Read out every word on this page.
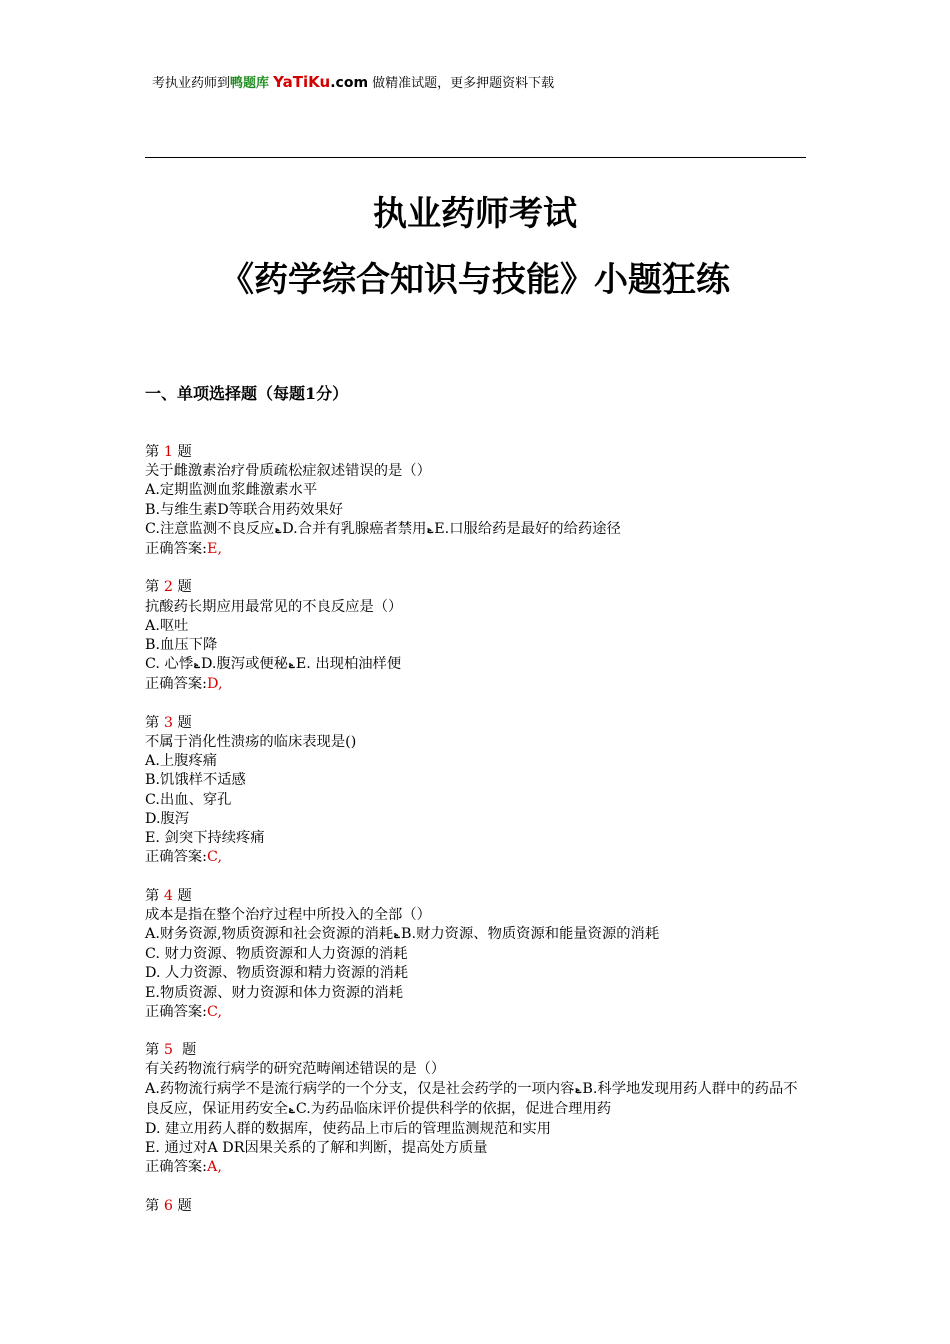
考执业药师到鸭题库 YaTiKu.com 做精准试题，更多押题资料下载
执业药师考试
《药学综合知识与技能》小题狂练
一、单项选择题（每题1分）
第 1 题
关于雌激素治疗骨质疏松症叙述错误的是（）
A.定期监测血浆雌激素水平
B.与维生素D等联合用药效果好
C.注意监测不良反应ݺD.合并有乳腺癌者禁用ݺE.口服给药是最好的给药途径
正确答案:E,
第 2 题
抗酸药长期应用最常见的不良反应是（）
A.呕吐
B.血压下降
C. 心悸ݺD.腹泻或便秘ݺE. 出现柏油样便
正确答案:D,
第 3 题
不属于消化性溃疡的临床表现是()
A.上腹疼痛
B.饥饿样不适感
C.出血、穿孔
D.腹泻
E. 剑突下持续疼痛
正确答案:C,
第 4 题
成本是指在整个治疗过程中所投入的全部（）
A.财务资源,物质资源和社会资源的消耗ݺB.财力资源、物质资源和能量资源的消耗
C. 财力资源、物质资源和人力资源的消耗
D. 人力资源、物质资源和精力资源的消耗
E.物质资源、财力资源和体力资源的消耗
正确答案:C,
第 5 题
有关药物流行病学的研究范畴阐述错误的是（）
A.药物流行病学不是流行病学的一个分支，仅是社会药学的一项内容ݺB.科学地发现用药人群中的药品不良反应，保证用药安全ݺC.为药品临床评价提供科学的依据，促进合理用药
D. 建立用药人群的数据库，使药品上市后的管理监测规范和实用
E. 通过对A DR因果关系的了解和判断，提高处方质量
正确答案:A,
第 6 题
